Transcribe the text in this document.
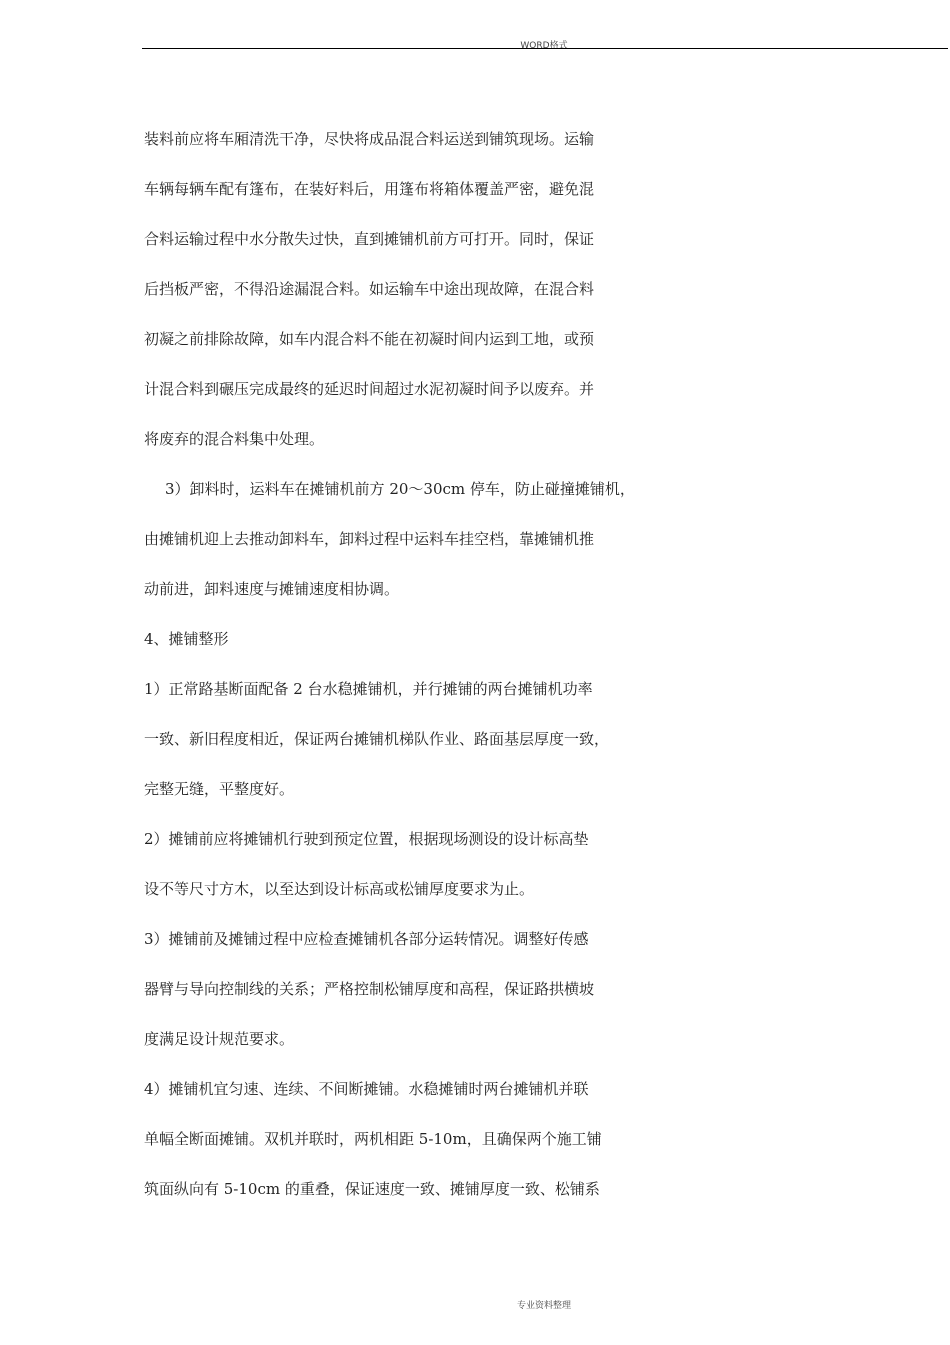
WORD格式
装料前应将车厢清洗干净，尽快将成品混合料运送到铺筑现场。运输
车辆每辆车配有篷布，在装好料后，用篷布将箱体覆盖严密，避免混
合料运输过程中水分散失过快，直到摊铺机前方可打开。同时，保证
后挡板严密，不得沿途漏混合料。如运输车中途出现故障，在混合料
初凝之前排除故障，如车内混合料不能在初凝时间内运到工地，或预
计混合料到碾压完成最终的延迟时间超过水泥初凝时间予以废弃。并
将废弃的混合料集中处理。
3）卸料时，运料车在摊铺机前方 20～30cm 停车，防止碰撞摊铺机，
由摊铺机迎上去推动卸料车，卸料过程中运料车挂空档，靠摊铺机推
动前进，卸料速度与摊铺速度相协调。
4、摊铺整形
1）正常路基断面配备 2 台水稳摊铺机，并行摊铺的两台摊铺机功率
一致、新旧程度相近，保证两台摊铺机梯队作业、路面基层厚度一致，
完整无缝，平整度好。
2）摊铺前应将摊铺机行驶到预定位置，根据现场测设的设计标高垫
设不等尺寸方木，以至达到设计标高或松铺厚度要求为止。
3）摊铺前及摊铺过程中应检查摊铺机各部分运转情况。调整好传感
器臂与导向控制线的关系；严格控制松铺厚度和高程，保证路拱横坡
度满足设计规范要求。
4）摊铺机宜匀速、连续、不间断摊铺。水稳摊铺时两台摊铺机并联
单幅全断面摊铺。双机并联时，两机相距 5-10m，且确保两个施工铺
筑面纵向有 5-10cm 的重叠，保证速度一致、摊铺厚度一致、松铺系
专业资料整理
